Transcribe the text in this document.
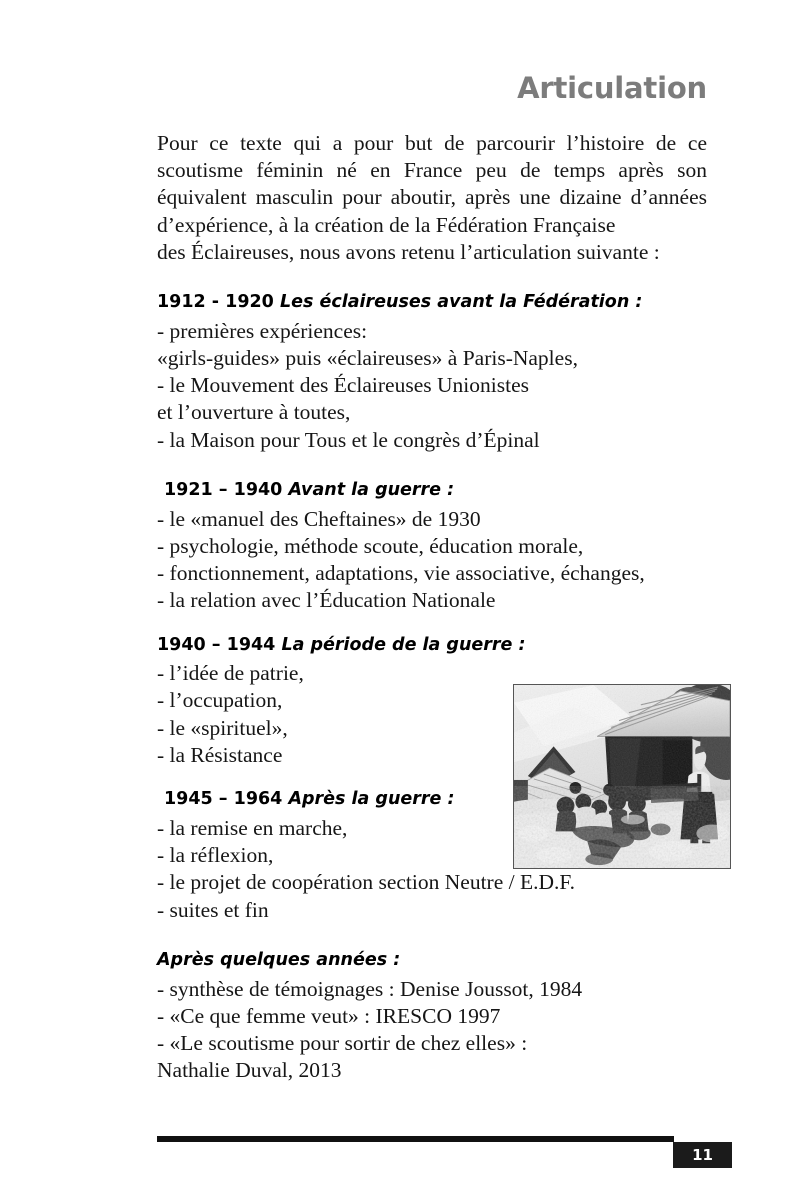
Articulation

Pour ce texte qui a pour but de parcourir l’histoire de ce scoutisme féminin né en France peu de temps après son équivalent masculin pour aboutir, après une dizaine d’années d’expérience, à la création de la Fédération Française
des Éclaireuses, nous avons retenu l’articulation suivante :

1912 - 1920 Les éclaireuses avant la Fédération :
- premières expériences:
«girls-guides» puis «éclaireuses» à Paris-Naples,
- le Mouvement des Éclaireuses Unionistes
et l’ouverture à toutes,
- la Maison pour Tous et le congrès d’Épinal
1921 – 1940 Avant la guerre :
- le «manuel des Cheftaines» de 1930
- psychologie, méthode scoute, éducation morale,
- fonctionnement, adaptations, vie associative, échanges,
- la relation avec l’Éducation Nationale
1940 – 1944 La période de la guerre :
- l’idée de patrie,
- l’occupation,
- le «spirituel»,
- la Résistance
1945 – 1964 Après la guerre :
- la remise en marche,
- la réflexion,
- le projet de coopération section Neutre / E.D.F.
- suites et fin
Après quelques années :
- synthèse de témoignages : Denise Joussot, 1984
- «Ce que femme veut» : IRESCO 1997
- «Le scoutisme pour sortir de chez elles» :
Nathalie Duval, 2013
11
